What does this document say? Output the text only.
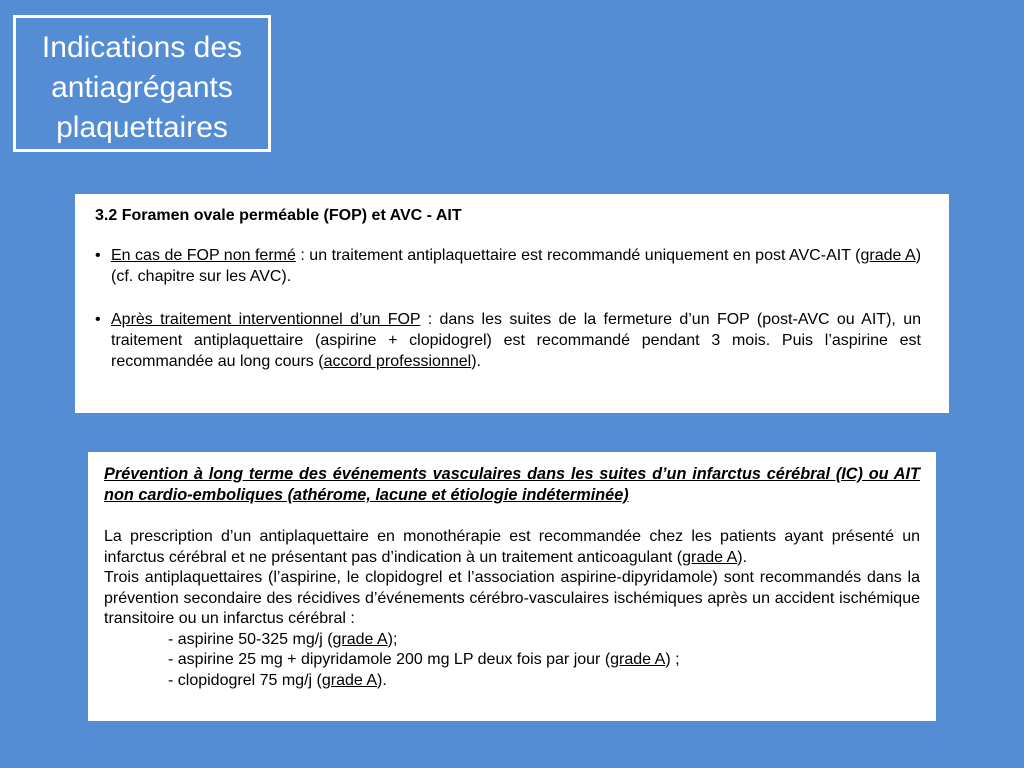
Indications des
antiagrégants
plaquettaires
3.2 Foramen ovale perméable (FOP) et AVC - AIT
• En cas de FOP non fermé : un traitement antiplaquettaire est recommandé uniquement en post AVC-AIT (grade A) (cf. chapitre sur les AVC).
• Après traitement interventionnel d’un FOP : dans les suites de la fermeture d’un FOP (post-AVC ou AIT), un traitement antiplaquettaire (aspirine + clopidogrel) est recommandé pendant 3 mois. Puis l’aspirine est recommandée au long cours (accord professionnel).
Prévention à long terme des événements vasculaires dans les suites d’un infarctus cérébral (IC) ou AIT non cardio-emboliques (athérome, lacune et étiologie indéterminée)
La prescription d’un antiplaquettaire en monothérapie est recommandée chez les patients ayant présenté un infarctus cérébral et ne présentant pas d’indication à un traitement anticoagulant (grade A).
Trois antiplaquettaires (l’aspirine, le clopidogrel et l’association aspirine-dipyridamole) sont recommandés dans la prévention secondaire des récidives d’événements cérébro-vasculaires ischémiques après un accident ischémique transitoire ou un infarctus cérébral :
- aspirine 50-325 mg/j (grade A);
- aspirine 25 mg + dipyridamole 200 mg LP deux fois par jour (grade A) ;
- clopidogrel 75 mg/j (grade A).
